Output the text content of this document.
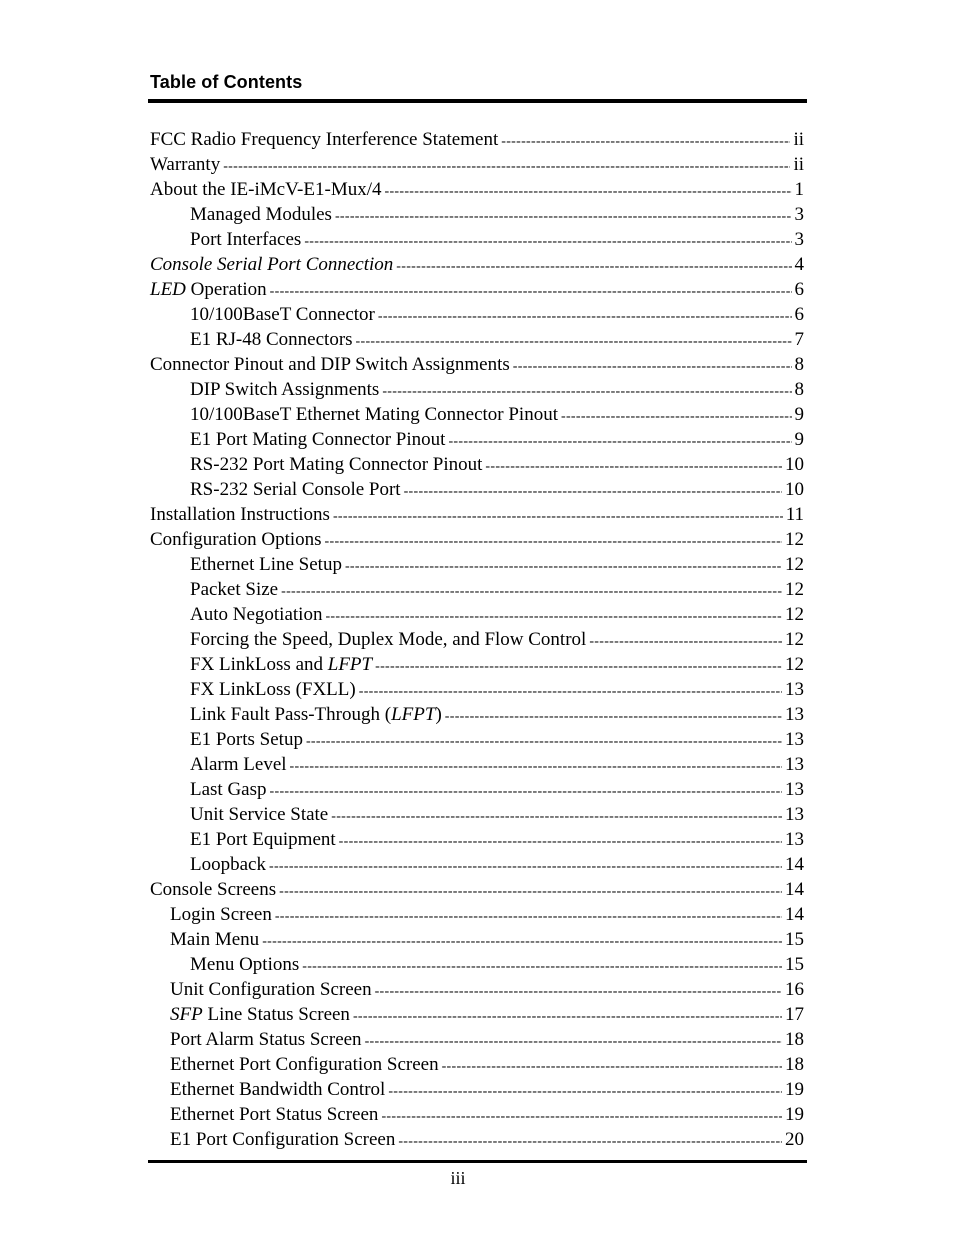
Table of Contents
FCC Radio Frequency Interference Statement -----	ii
Warranty -----	ii
About the IE-iMcV-E1-Mux/4 -----	1
Managed Modules -----	3
Port Interfaces -----	3
Console Serial Port Connection -----	4
LED Operation -----	6
10/100BaseT Connector -----	6
E1 RJ-48 Connectors -----	7
Connector Pinout and DIP Switch Assignments -----	8
DIP Switch Assignments -----	8
10/100BaseT Ethernet Mating Connector Pinout -----	9
E1 Port Mating Connector Pinout -----	9
RS-232 Port Mating Connector Pinout -----	10
RS-232 Serial Console Port -----	10
Installation Instructions -----	11
Configuration Options -----	12
Ethernet Line Setup -----	12
Packet Size -----	12
Auto Negotiation -----	12
Forcing the Speed, Duplex Mode, and Flow Control -----	12
FX LinkLoss and LFPT -----	12
FX LinkLoss (FXLL) -----	13
Link Fault Pass-Through (LFPT) -----	13
E1 Ports Setup -----	13
Alarm Level -----	13
Last Gasp -----	13
Unit Service State -----	13
E1 Port Equipment -----	13
Loopback -----	14
Console Screens -----	14
Login Screen -----	14
Main Menu -----	15
Menu Options -----	15
Unit Configuration Screen -----	16
SFP Line Status Screen -----	17
Port Alarm Status Screen -----	18
Ethernet Port Configuration Screen -----	18
Ethernet Bandwidth Control -----	19
Ethernet Port Status Screen -----	19
E1 Port Configuration Screen -----	20
iii
